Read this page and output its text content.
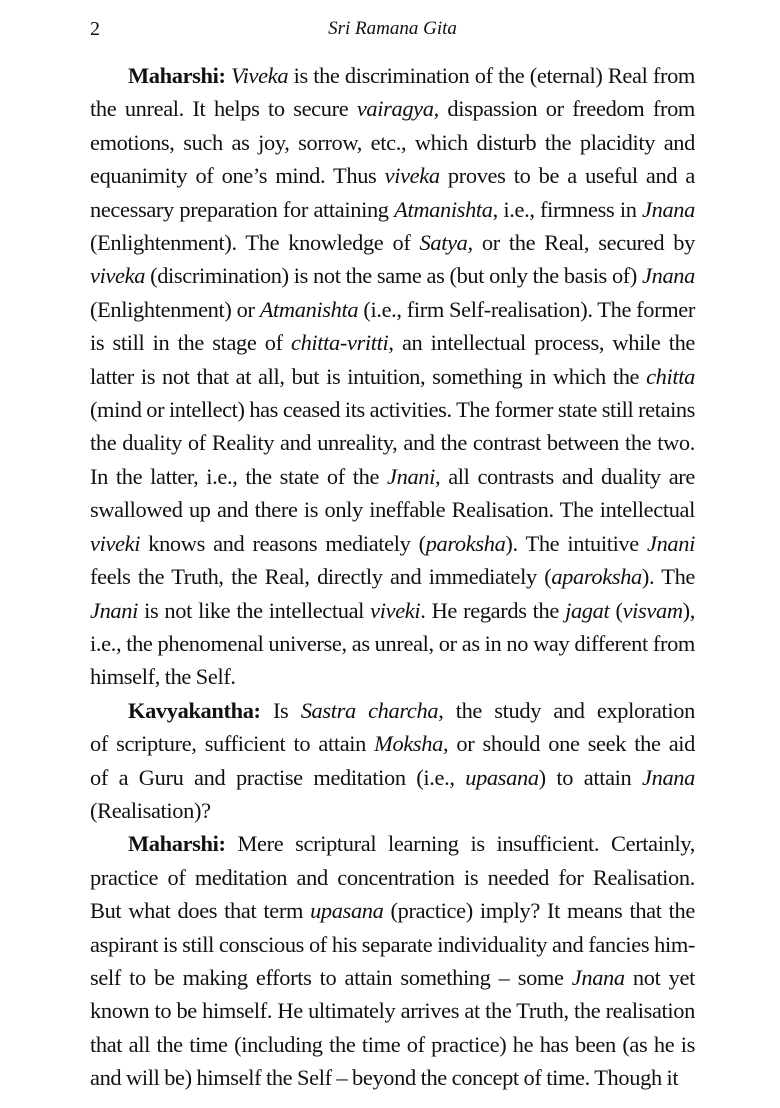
2	Sri Ramana Gita
Maharshi: Viveka is the discrimination of the (eternal) Real from
the unreal. It helps to secure vairagya, dispassion or freedom from
emotions, such as joy, sorrow, etc., which disturb the placidity and
equanimity of one’s mind. Thus viveka proves to be a useful and a
necessary preparation for attaining Atmanishta, i.e., firmness in Jnana
(Enlightenment). The knowledge of Satya, or the Real, secured by
viveka (discrimination) is not the same as (but only the basis of) Jnana
(Enlightenment) or Atmanishta (i.e., firm Self-realisation). The former
is still in the stage of chitta-vritti, an intellectual process, while the
latter is not that at all, but is intuition, something in which the chitta
(mind or intellect) has ceased its activities. The former state still retains
the duality of Reality and unreality, and the contrast between the two.
In the latter, i.e., the state of the Jnani, all contrasts and duality are
swallowed up and there is only ineffable Realisation. The intellectual
viveki knows and reasons mediately (paroksha). The intuitive Jnani
feels the Truth, the Real, directly and immediately (aparoksha). The
Jnani is not like the intellectual viveki. He regards the jagat (visvam),
i.e., the phenomenal universe, as unreal, or as in no way different from
himself, the Self.
Kavyakantha: Is Sastra charcha, the study and exploration
of scripture, sufficient to attain Moksha, or should one seek the aid
of a Guru and practise meditation (i.e., upasana) to attain Jnana
(Realisation)?
Maharshi: Mere scriptural learning is insufficient. Certainly,
practice of meditation and concentration is needed for Realisation.
But what does that term upasana (practice) imply? It means that the
aspirant is still conscious of his separate individuality and fancies him-
self to be making efforts to attain something – some Jnana not yet
known to be himself. He ultimately arrives at the Truth, the realisation
that all the time (including the time of practice) he has been (as he is
and will be) himself the Self – beyond the concept of time. Though it
